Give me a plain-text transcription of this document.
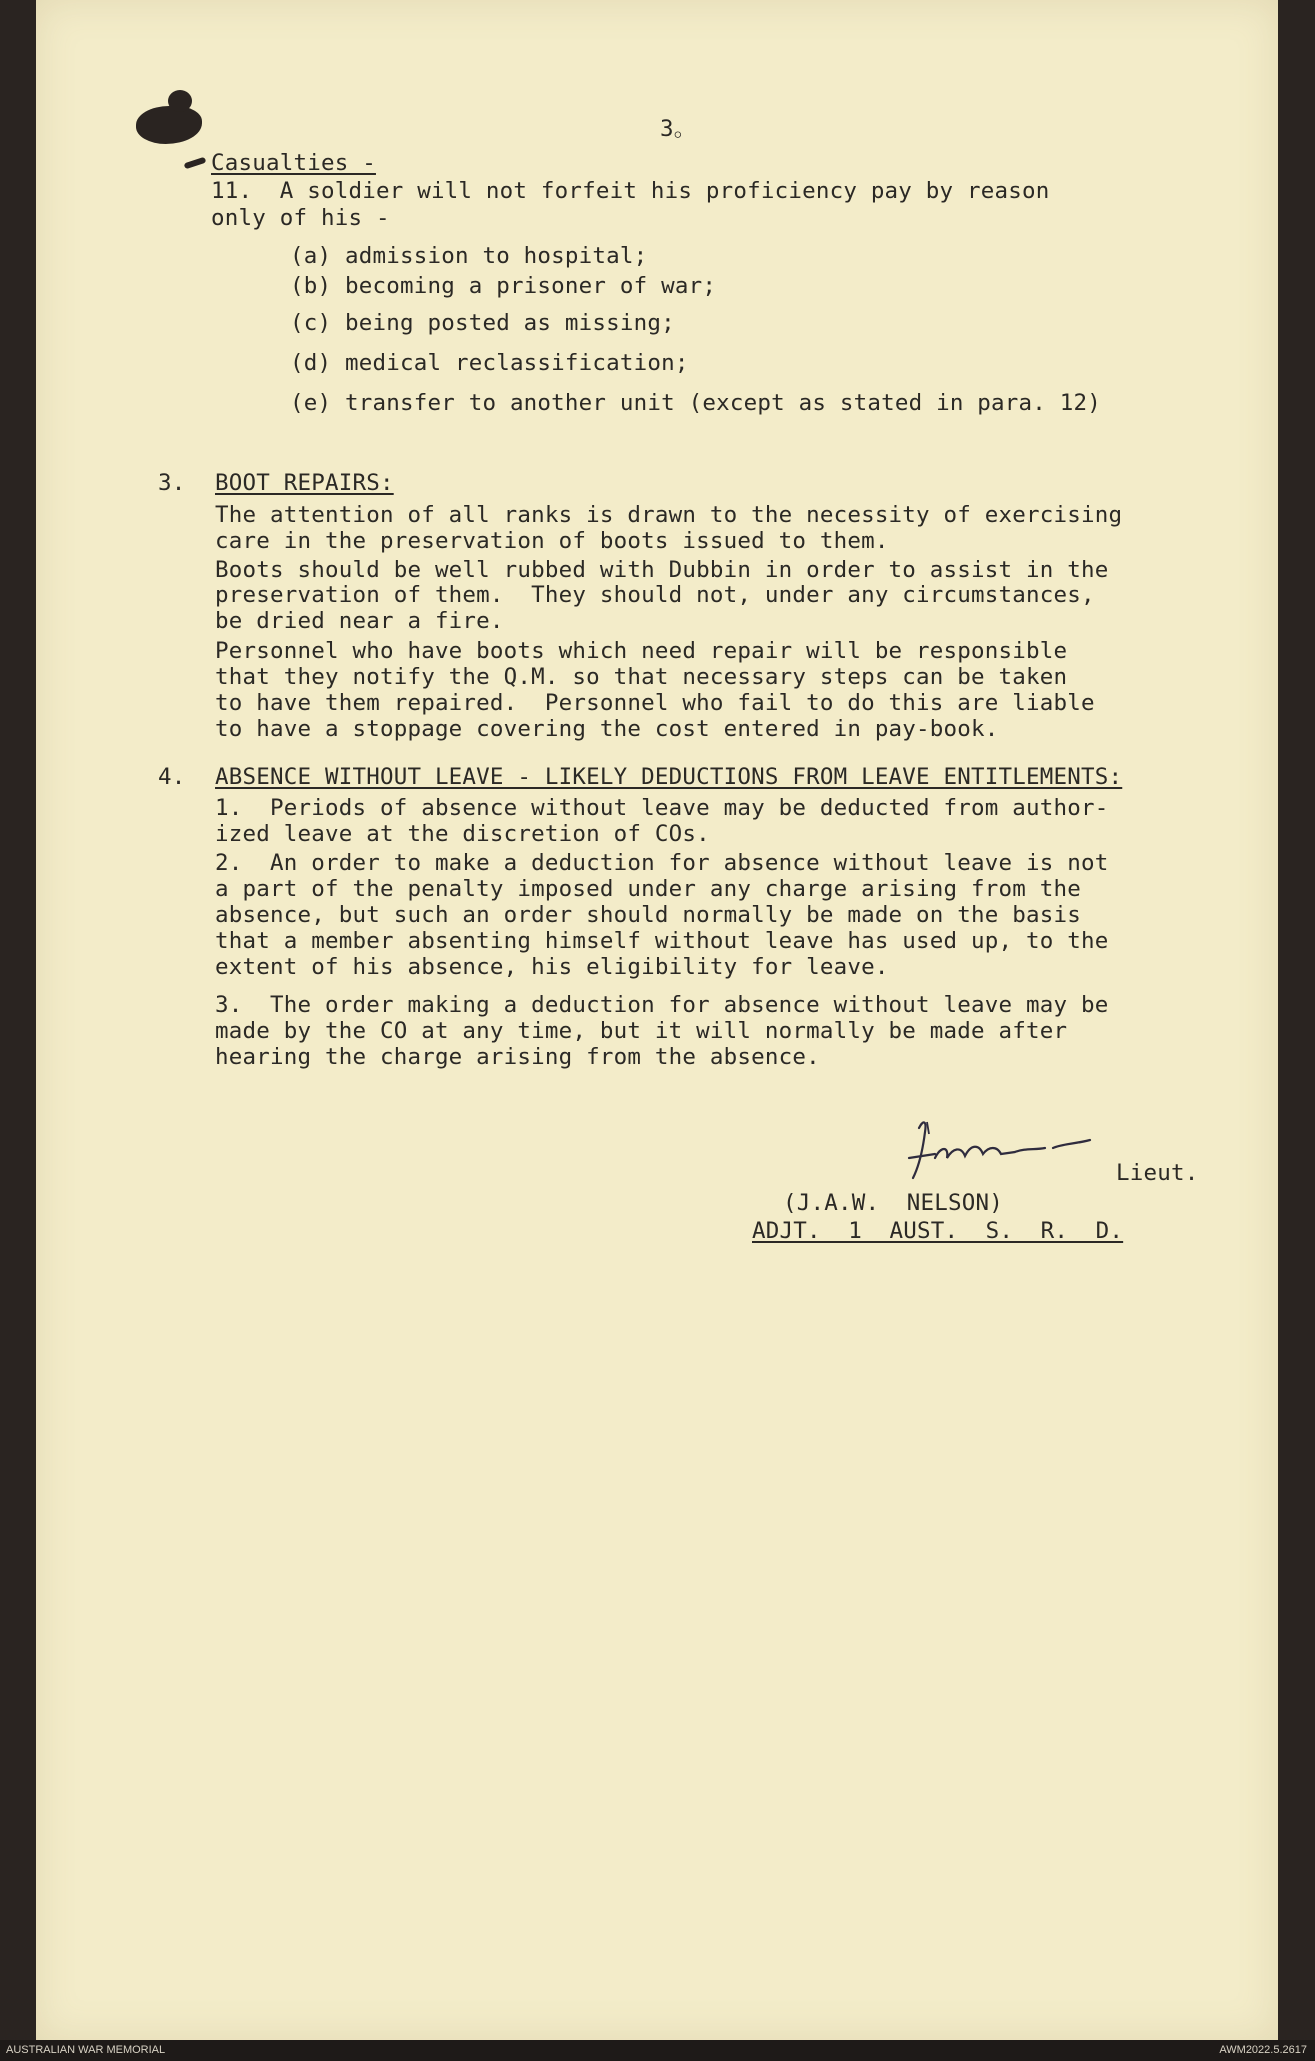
3。
Casualties -
11.  A soldier will not forfeit his proficiency pay by reason
only of his -
(a) admission to hospital;
(b) becoming a prisoner of war;
(c) being posted as missing;
(d) medical reclassification;
(e) transfer to another unit (except as stated in para. 12)
3. BOOT REPAIRS:
The attention of all ranks is drawn to the necessity of exercising
care in the preservation of boots issued to them.
Boots should be well rubbed with Dubbin in order to assist in the
preservation of them.  They should not, under any circumstances,
be dried near a fire.
Personnel who have boots which need repair will be responsible
that they notify the Q.M. so that necessary steps can be taken
to have them repaired.  Personnel who fail to do this are liable
to have a stoppage covering the cost entered in pay-book.
4. ABSENCE WITHOUT LEAVE - LIKELY DEDUCTIONS FROM LEAVE ENTITLEMENTS:
1.  Periods of absence without leave may be deducted from author-
ized leave at the discretion of COs.
2.  An order to make a deduction for absence without leave is not
a part of the penalty imposed under any charge arising from the
absence, but such an order should normally be made on the basis
that a member absenting himself without leave has used up, to the
extent of his absence, his eligibility for leave.
3.  The order making a deduction for absence without leave may be
made by the CO at any time, but it will normally be made after
hearing the charge arising from the absence.
Lieut.
(J.A.W.  NELSON)
ADJT.  1  AUST.  S.  R.  D.
AUSTRALIAN WAR MEMORIAL	AWM2022.5.2617
